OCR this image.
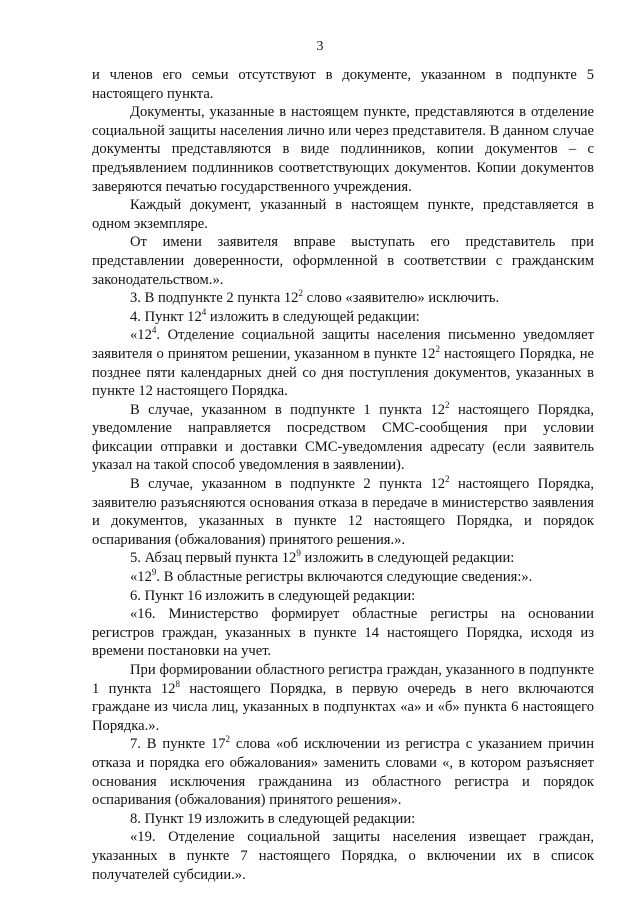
3

и членов его семьи отсутствуют в документе, указанном в подпункте 5 настоящего пункта.

Документы, указанные в настоящем пункте, представляются в отделение социальной защиты населения лично или через представителя. В данном случае документы представляются в виде подлинников, копии документов – с предъявлением подлинников соответствующих документов. Копии документов заверяются печатью государственного учреждения.

Каждый документ, указанный в настоящем пункте, представляется в одном экземпляре.

От имени заявителя вправе выступать его представитель при представлении доверенности, оформленной в соответствии с гражданским законодательством.».

3. В подпункте 2 пункта $12^2$ слово «заявителю» исключить.

4. Пункт $12^4$ изложить в следующей редакции:

«$12^4$. Отделение социальной защиты населения письменно уведомляет заявителя о принятом решении, указанном в пункте $12^2$ настоящего Порядка, не позднее пяти календарных дней со дня поступления документов, указанных в пункте 12 настоящего Порядка.

В случае, указанном в подпункте 1 пункта $12^2$ настоящего Порядка, уведомление направляется посредством СМС-сообщения при условии фиксации отправки и доставки СМС-уведомления адресату (если заявитель указал на такой способ уведомления в заявлении).

В случае, указанном в подпункте 2 пункта $12^2$ настоящего Порядка, заявителю разъясняются основания отказа в передаче в министерство заявления и документов, указанных в пункте 12 настоящего Порядка, и порядок оспаривания (обжалования) принятого решения.».

5. Абзац первый пункта $12^9$ изложить в следующей редакции:

«$12^9$. В областные регистры включаются следующие сведения:».

6. Пункт 16 изложить в следующей редакции:

«16. Министерство формирует областные регистры на основании регистров граждан, указанных в пункте 14 настоящего Порядка, исходя из времени постановки на учет.

При формировании областного регистра граждан, указанного в подпункте 1 пункта $12^8$ настоящего Порядка, в первую очередь в него включаются граждане из числа лиц, указанных в подпунктах «а» и «б» пункта 6 настоящего Порядка.».

7. В пункте $17^2$ слова «об исключении из регистра с указанием причин отказа и порядка его обжалования» заменить словами «, в котором разъясняет основания исключения гражданина из областного регистра и порядок оспаривания (обжалования) принятого решения».

8. Пункт 19 изложить в следующей редакции:

«19. Отделение социальной защиты населения извещает граждан, указанных в пункте 7 настоящего Порядка, о включении их в список получателей субсидии.».
